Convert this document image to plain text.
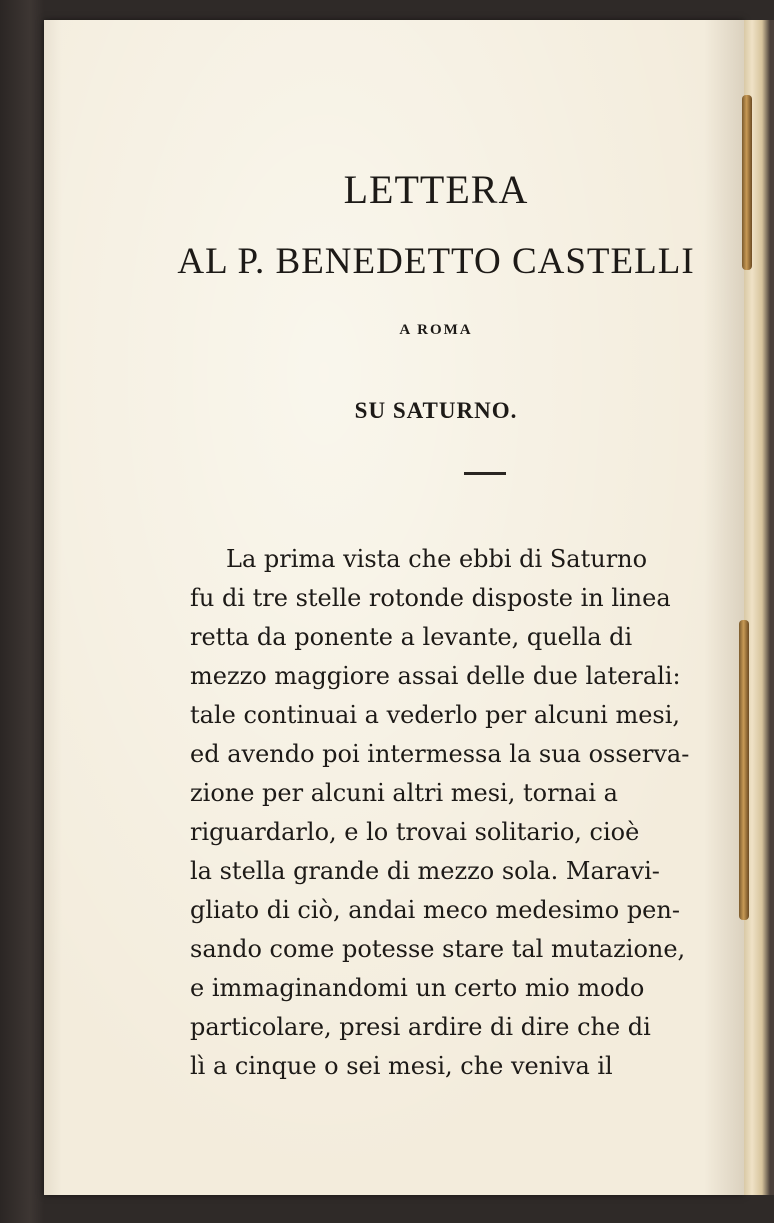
LETTERA
AL P. BENEDETTO CASTELLI
A ROMA
SU SATURNO.
La prima vista che ebbi di Saturno
fu di tre stelle rotonde disposte in linea
retta da ponente a levante, quella di
mezzo maggiore assai delle due laterali:
tale continuai a vederlo per alcuni mesi,
ed avendo poi intermessa la sua osserva-
zione per alcuni altri mesi, tornai a
riguardarlo, e lo trovai solitario, cioè
la stella grande di mezzo sola. Maravi-
gliato di ciò, andai meco medesimo pen-
sando come potesse stare tal mutazione,
e immaginandomi un certo mio modo
particolare, presi ardire di dire che di
lì a cinque o sei mesi, che veniva il
